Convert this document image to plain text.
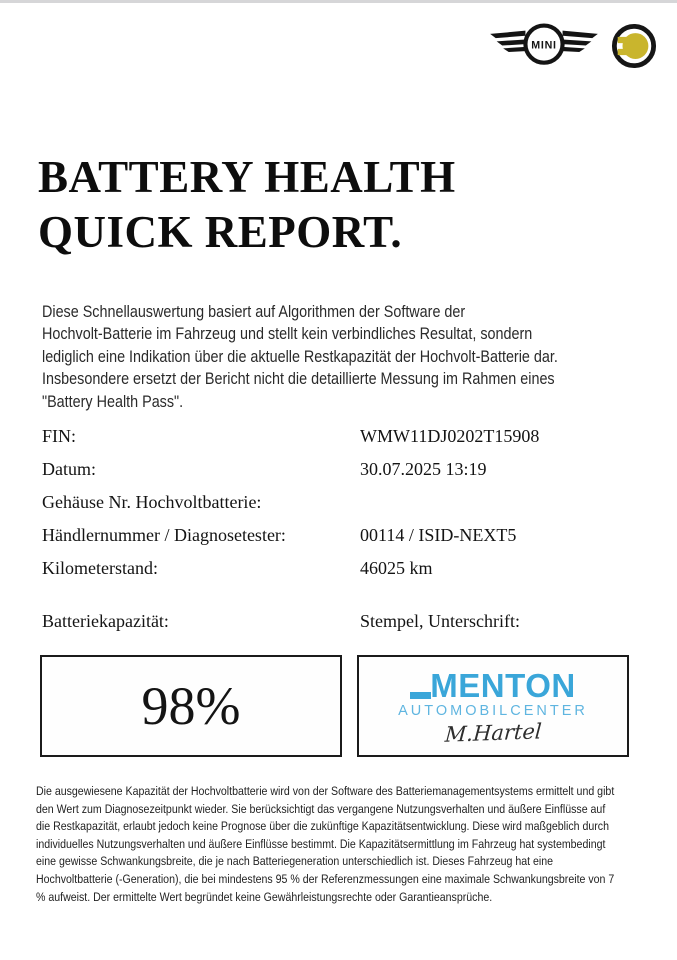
MINI
BATTERY HEALTH
QUICK REPORT.
Diese Schnellauswertung basiert auf Algorithmen der Software der
Hochvolt-Batterie im Fahrzeug und stellt kein verbindliches Resultat, sondern
lediglich eine Indikation über die aktuelle Restkapazität der Hochvolt-Batterie dar.
Insbesondere ersetzt der Bericht nicht die detaillierte Messung im Rahmen eines
"Battery Health Pass".
FIN:	WMW11DJ0202T15908
Datum:	30.07.2025 13:19
Gehäuse Nr. Hochvoltbatterie:
Händlernummer / Diagnosetester:	00114 / ISID-NEXT5
Kilometerstand:	46025 km
Batteriekapazität:	Stempel, Unterschrift:
98%	MENTON
AUTOMOBILCENTER
M.Hartel
Die ausgewiesene Kapazität der Hochvoltbatterie wird von der Software des Batteriemanagementsystems ermittelt und gibt
den Wert zum Diagnosezeitpunkt wieder. Sie berücksichtigt das vergangene Nutzungsverhalten und äußere Einflüsse auf
die Restkapazität, erlaubt jedoch keine Prognose über die zukünftige Kapazitätsentwicklung. Diese wird maßgeblich durch
individuelles Nutzungsverhalten und äußere Einflüsse bestimmt. Die Kapazitätsermittlung im Fahrzeug hat systembedingt
eine gewisse Schwankungsbreite, die je nach Batteriegeneration unterschiedlich ist. Dieses Fahrzeug hat eine
Hochvoltbatterie (-Generation), die bei mindestens 95 % der Referenzmessungen eine maximale Schwankungsbreite von 7
% aufweist. Der ermittelte Wert begründet keine Gewährleistungsrechte oder Garantieansprüche.
